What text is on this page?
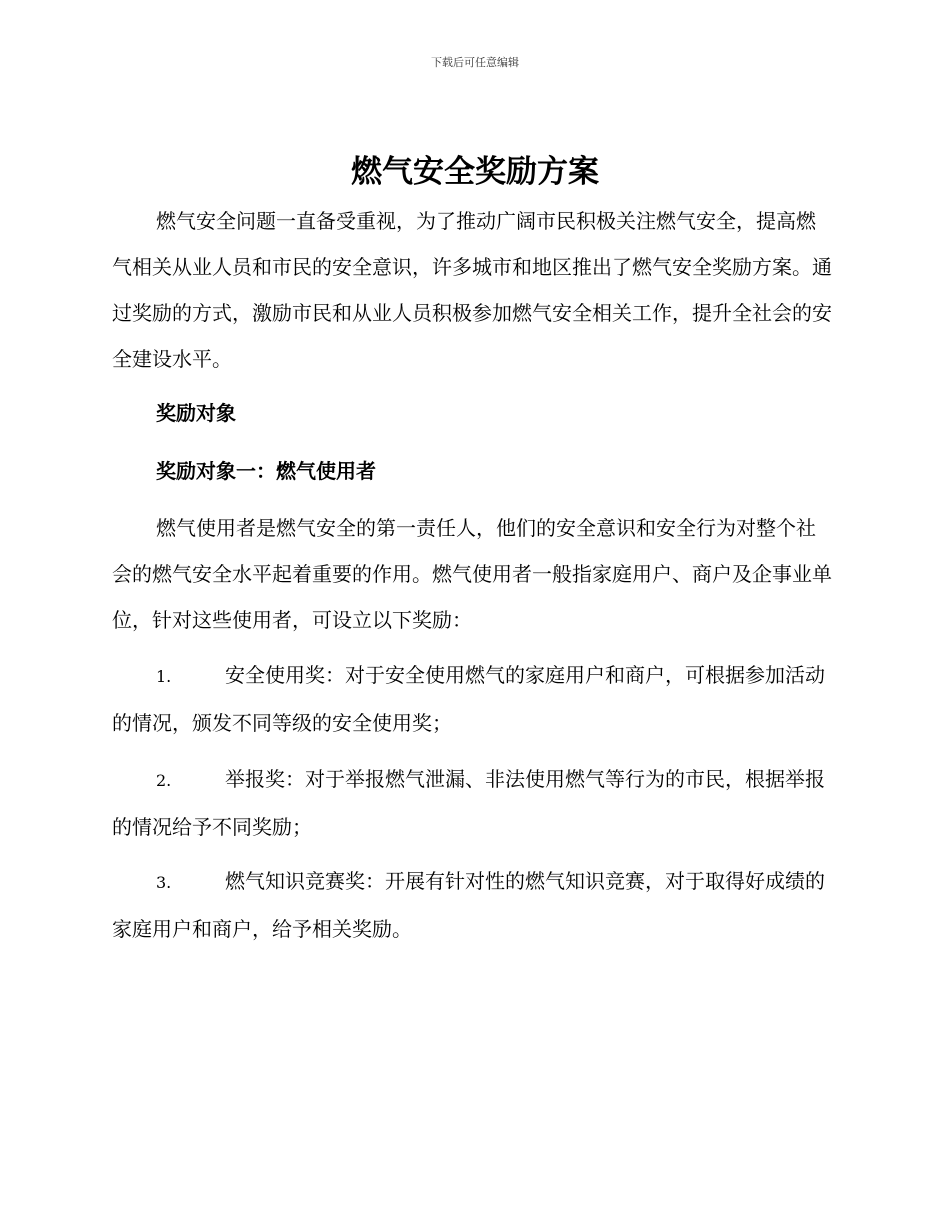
下载后可任意编辑
燃气安全奖励方案

燃气安全问题一直备受重视，为了推动广阔市民积极关注燃气安全，提高燃气相关从业人员和市民的安全意识，许多城市和地区推出了燃气安全奖励方案。通过奖励的方式，激励市民和从业人员积极参加燃气安全相关工作，提升全社会的安全建设水平。

奖励对象
奖励对象一：燃气使用者

燃气使用者是燃气安全的第一责任人，他们的安全意识和安全行为对整个社会的燃气安全水平起着重要的作用。燃气使用者一般指家庭用户、商户及企事业单位，针对这些使用者，可设立以下奖励：

1.	安全使用奖：对于安全使用燃气的家庭用户和商户，可根据参加活动的情况，颁发不同等级的安全使用奖；

2.	举报奖：对于举报燃气泄漏、非法使用燃气等行为的市民，根据举报的情况给予不同奖励；

3.	燃气知识竞赛奖：开展有针对性的燃气知识竞赛，对于取得好成绩的家庭用户和商户，给予相关奖励。
